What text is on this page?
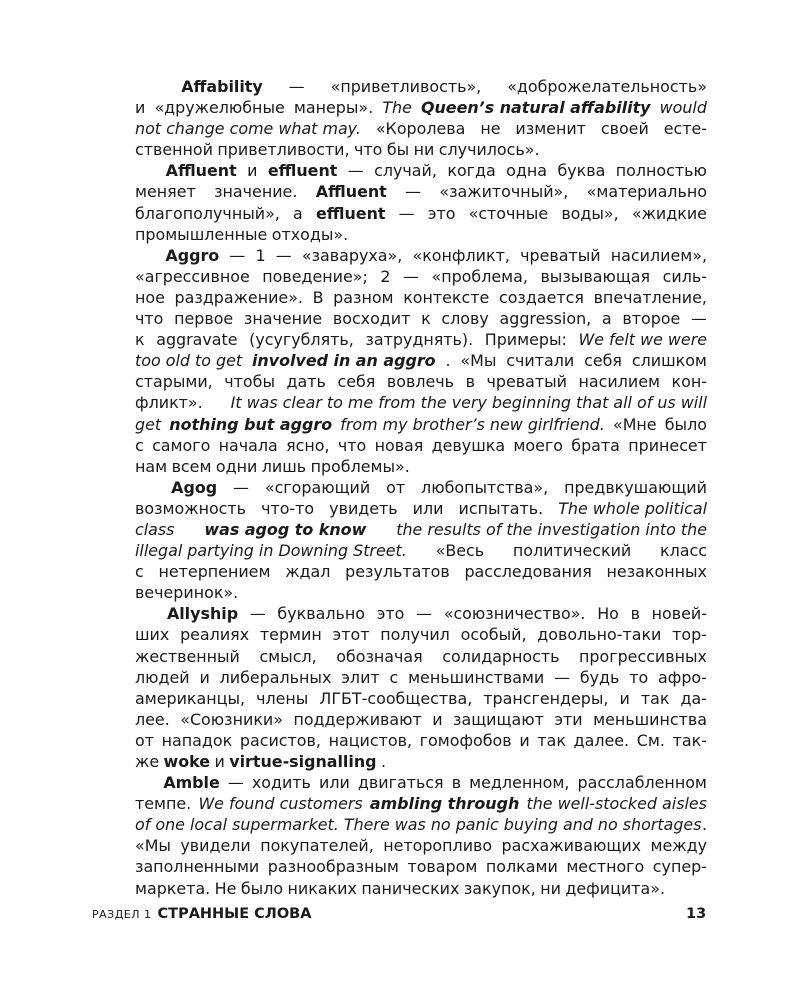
Affability — «приветливость», «доброжелательность»
и «дружелюбные манеры». The Queen’s natural affability would
not change come what may. «Королева не изменит своей есте-
ственной приветливости, что бы ни случилось».

Affluent и effluent — случай, когда одна буква полностью
меняет значение. Affluent — «зажиточный», «материально
благополучный», а effluent — это «сточные воды», «жидкие
промышленные отходы».

Aggro — 1 — «заваруха», «конфликт, чреватый насилием»,
«агрессивное поведение»; 2 — «проблема, вызывающая силь-
ное раздражение». В разном контексте создается впечатление,
что первое значение восходит к слову aggression, а второе —
к aggravate (усугублять, затруднять). Примеры: We felt we were
too old to get involved in an aggro . «Мы считали себя слишком
старыми, чтобы дать себя вовлечь в чреватый насилием кон-
фликт». It was clear to me from the very beginning that all of us will
get nothing but aggro from my brother’s new girlfriend. «Мне было
с самого начала ясно, что новая девушка моего брата принесет
нам всем одни лишь проблемы».

Agog — «сгорающий от любопытства», предвкушающий
возможность что-то увидеть или испытать. The whole political
class was agog to know the results of the investigation into the
illegal partying in Downing Street. «Весь политический класс
с нетерпением ждал результатов расследования незаконных
вечеринок».

Allyship — буквально это — «союзничество». Но в новей-
ших реалиях термин этот получил особый, довольно-таки тор-
жественный смысл, обозначая солидарность прогрессивных
людей и либеральных элит с меньшинствами — будь то афро-
американцы, члены ЛГБТ-сообщества, трансгендеры, и так да-
лее. «Союзники» поддерживают и защищают эти меньшинства
от нападок расистов, нацистов, гомофобов и так далее. См. так-
же woke и virtue-signalling .

Amble — ходить или двигаться в медленном, расслабленном
темпе. We found customers ambling through the well-stocked aisles
of one local supermarket. There was no panic buying and no shortages .
«Мы увидели покупателей, неторопливо расхаживающих между
заполненными разнообразным товаром полками местного супер-
маркета. Не было никаких панических закупок, ни дефицита».
РАЗДЕЛ 1 СТРАННЫЕ СЛОВА	13
